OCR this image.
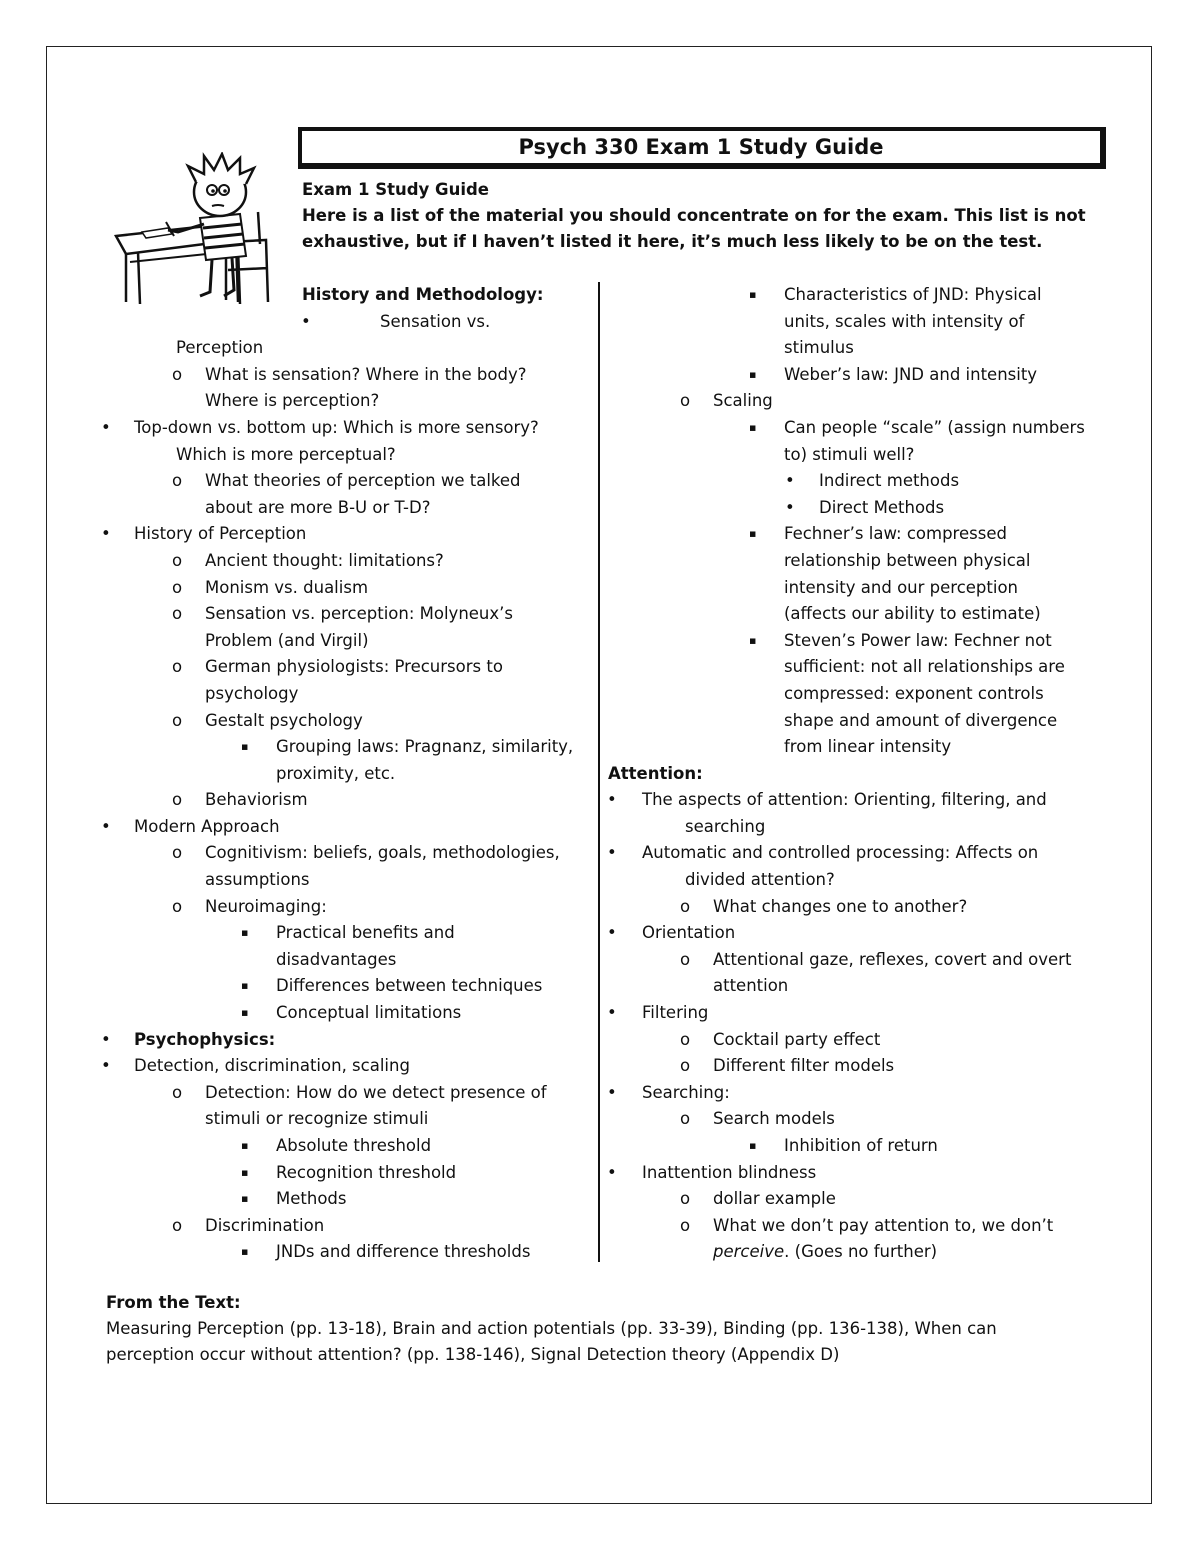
Psych 330 Exam 1 Study Guide
Exam 1 Study Guide
Here is a list of the material you should concentrate on for the exam. This list is not
exhaustive, but if I haven’t listed it here, it’s much less likely to be on the test.
History and Methodology:
•	Sensation vs.
Perception
o What is sensation? Where in the body?
Where is perception?
• Top-down vs. bottom up: Which is more sensory?
Which is more perceptual?
o What theories of perception we talked
about are more B-U or T-D?
• History of Perception
o Ancient thought: limitations?
o Monism vs. dualism
o Sensation vs. perception: Molyneux’s
Problem (and Virgil)
o German physiologists: Precursors to
psychology
o Gestalt psychology
▪ Grouping laws: Pragnanz, similarity,
proximity, etc.
o Behaviorism
• Modern Approach
o Cognitivism: beliefs, goals, methodologies,
assumptions
o Neuroimaging:
▪ Practical benefits and
disadvantages
▪ Differences between techniques
▪ Conceptual limitations
• Psychophysics:
• Detection, discrimination, scaling
o Detection: How do we detect presence of
stimuli or recognize stimuli
▪ Absolute threshold
▪ Recognition threshold
▪ Methods
o Discrimination
▪ JNDs and difference thresholds
▪ Characteristics of JND: Physical
units, scales with intensity of
stimulus
▪ Weber’s law: JND and intensity
o Scaling
▪ Can people “scale” (assign numbers
to) stimuli well?
• Indirect methods
• Direct Methods
▪ Fechner’s law: compressed
relationship between physical
intensity and our perception
(affects our ability to estimate)
▪ Steven’s Power law: Fechner not
sufficient: not all relationships are
compressed: exponent controls
shape and amount of divergence
from linear intensity
Attention:
• The aspects of attention: Orienting, filtering, and
searching
• Automatic and controlled processing: Affects on
divided attention?
o What changes one to another?
• Orientation
o Attentional gaze, reflexes, covert and overt
attention
• Filtering
o Cocktail party effect
o Different filter models
• Searching:
o Search models
▪ Inhibition of return
• Inattention blindness
o dollar example
o What we don’t pay attention to, we don’t
perceive. (Goes no further)
From the Text:
Measuring Perception (pp. 13-18), Brain and action potentials (pp. 33-39), Binding (pp. 136-138), When can
perception occur without attention? (pp. 138-146), Signal Detection theory (Appendix D)
